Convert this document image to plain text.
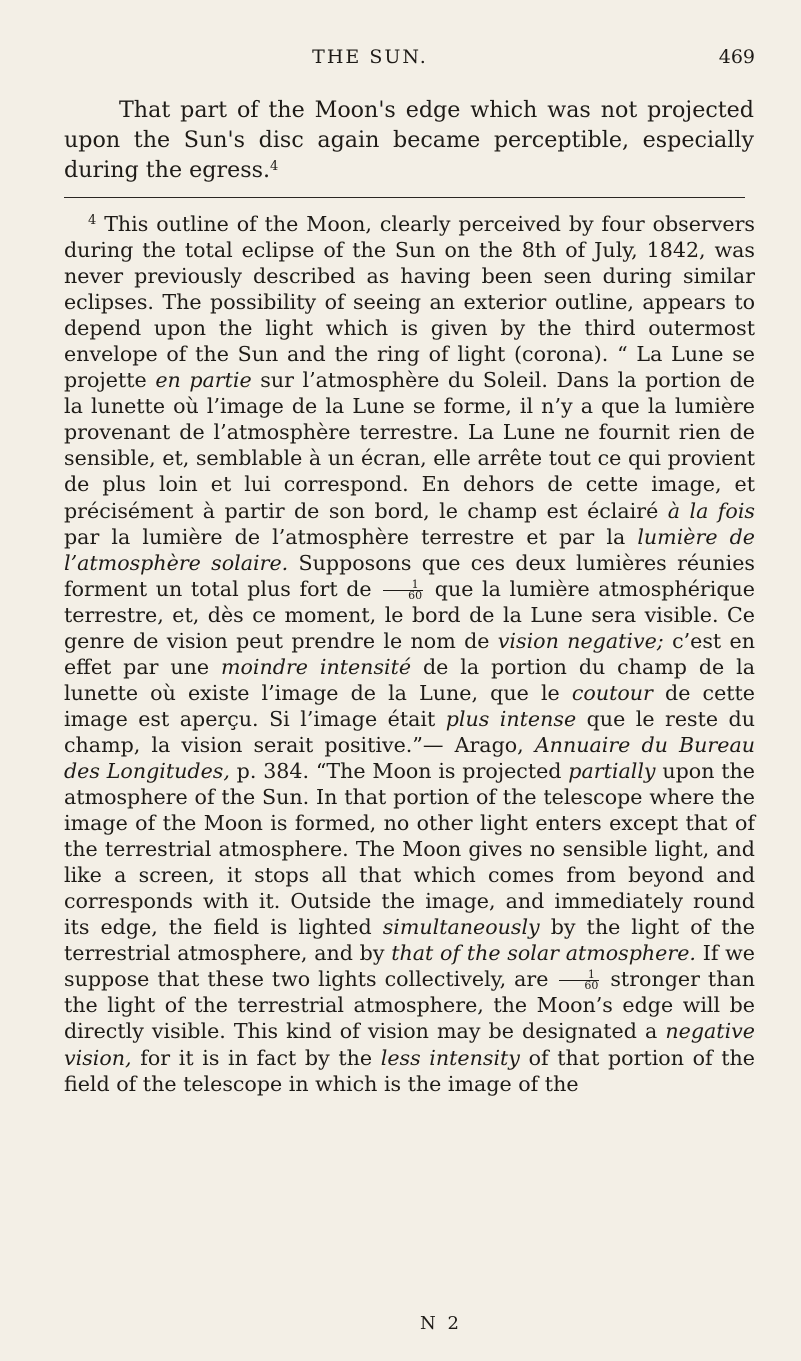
THE SUN.	469

That part of the Moon's edge which was not projected upon the Sun's disc again became perceptible, especially during the egress.$^4$

$^4$ This outline of the Moon, clearly perceived by four observers during the total eclipse of the Sun on the 8th of July, 1842, was never previously described as having been seen during similar eclipses. The possibility of seeing an exterior outline, appears to depend upon the light which is given by the third outermost envelope of the Sun and the ring of light (corona). “ La Lune se projette en partie sur l’atmosphère du Soleil. Dans la portion de la lunette où l’image de la Lune se forme, il n’y a que la lumière provenant de l’atmosphère terrestre. La Lune ne fournit rien de sensible, et, semblable à un écran, elle arrête tout ce qui provient de plus loin et lui correspond. En dehors de cette image, et précisément à partir de son bord, le champ est éclairé à la fois par la lumière de l’atmosphère terrestre et par la lumière de l’atmosphère solaire. Supposons que ces deux lumières réunies forment un total plus fort de $\frac{1}{60}$ que la lumière atmosphérique terrestre, et, dès ce moment, le bord de la Lune sera visible. Ce genre de vision peut prendre le nom de vision negative; c’est en effet par une moindre intensité de la portion du champ de la lunette où existe l’image de la Lune, que le coutour de cette image est aperçu. Si l’image était plus intense que le reste du champ, la vision serait positive.”— Arago, Annuaire du Bureau des Longitudes, p. 384. “The Moon is projected partially upon the atmosphere of the Sun. In that portion of the telescope where the image of the Moon is formed, no other light enters except that of the terrestrial atmosphere. The Moon gives no sensible light, and like a screen, it stops all that which comes from beyond and corresponds with it. Outside the image, and immediately round its edge, the field is lighted simultaneously by the light of the terrestrial atmosphere, and by that of the solar atmosphere. If we suppose that these two lights collectively, are $\frac{1}{60}$ stronger than the light of the terrestrial atmosphere, the Moon’s edge will be directly visible. This kind of vision may be designated a negative vision, for it is in fact by the less intensity of that portion of the field of the telescope in which is the image of the

N 2
